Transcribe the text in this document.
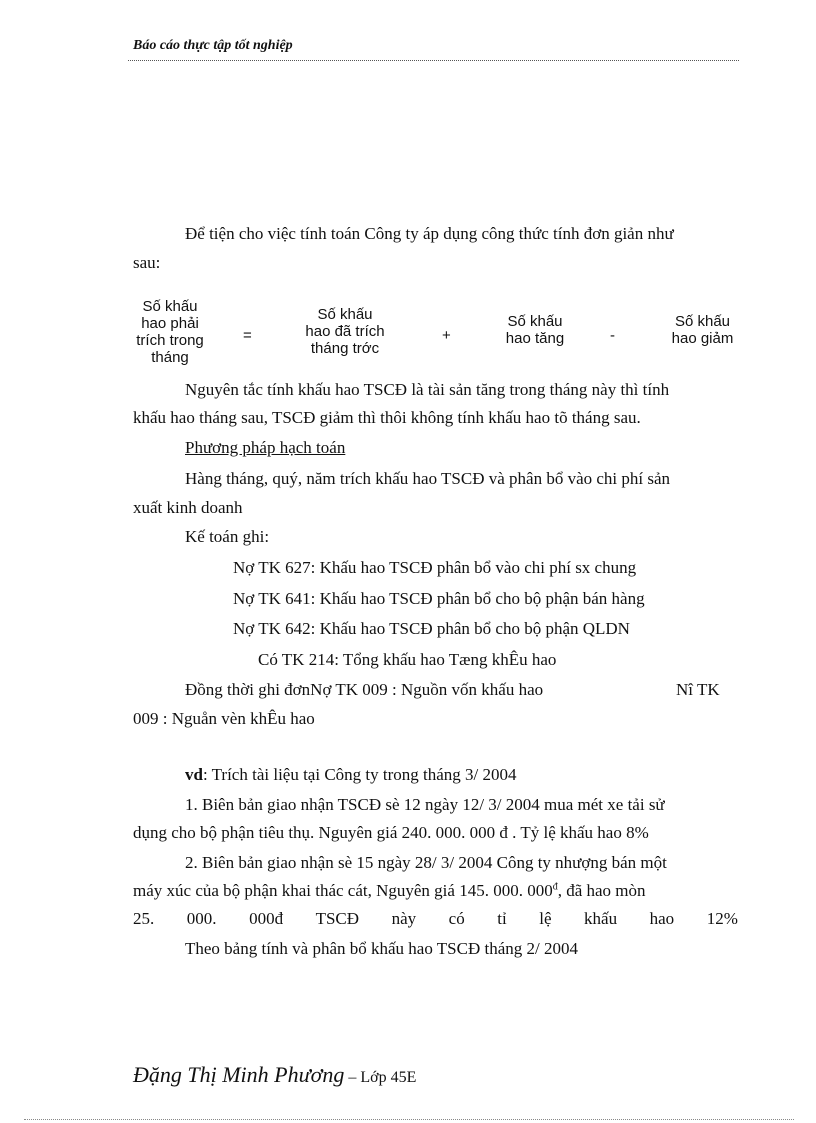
Báo cáo thực tập tốt nghiệp
Để tiện cho việc tính toán Công ty áp dụng công thức tính đơn giản như
sau:
Số khấu
hao phải
trích trong
tháng
=
Số khấu
hao đã trích
tháng trớc
+
Số khấu
hao tăng	-
Số khấu
hao giảm
Nguyên tắc tính khấu hao TSCĐ là tài sản tăng trong tháng này thì tính
khấu hao tháng sau, TSCĐ giảm thì thôi không tính khấu hao tõ tháng sau.
Phương pháp hạch toán
Hàng tháng, quý, năm trích khấu hao TSCĐ và phân bổ vào chi phí sản
xuất kinh doanh
Kế toán ghi:
Nợ TK 627: Khấu hao TSCĐ phân bổ vào chi phí sx chung
Nợ TK 641: Khấu hao TSCĐ phân bổ cho bộ phận bán hàng
Nợ TK 642: Khấu hao TSCĐ phân bổ cho bộ phận QLDN
Có TK 214: Tổng khấu hao Tæng khÊu hao
Đồng thời ghi đơnNợ TK 009 : Nguồn vốn khấu hao	Nî TK
009 : Nguån vèn khÊu hao
vd: Trích tài liệu tại Công ty trong tháng 3/ 2004
1. Biên bản giao nhận TSCĐ sè 12 ngày 12/ 3/ 2004 mua mét xe tải sử
dụng cho bộ phận tiêu thụ. Nguyên giá 240. 000. 000 đ . Tỷ lệ khấu hao 8%
2. Biên bản giao nhận sè 15 ngày 28/ 3/ 2004 Công ty nhượng bán một
máy xúc của bộ phận khai thác cát, Nguyên giá 145. 000. $000^đ$, đã hao mòn
25. 000. 000đ TSCĐ này có tỉ lệ khấu hao 12%
Theo bảng tính và phân bổ khấu hao TSCĐ tháng 2/ 2004
Đặng Thị Minh Phương – Lớp 45E
